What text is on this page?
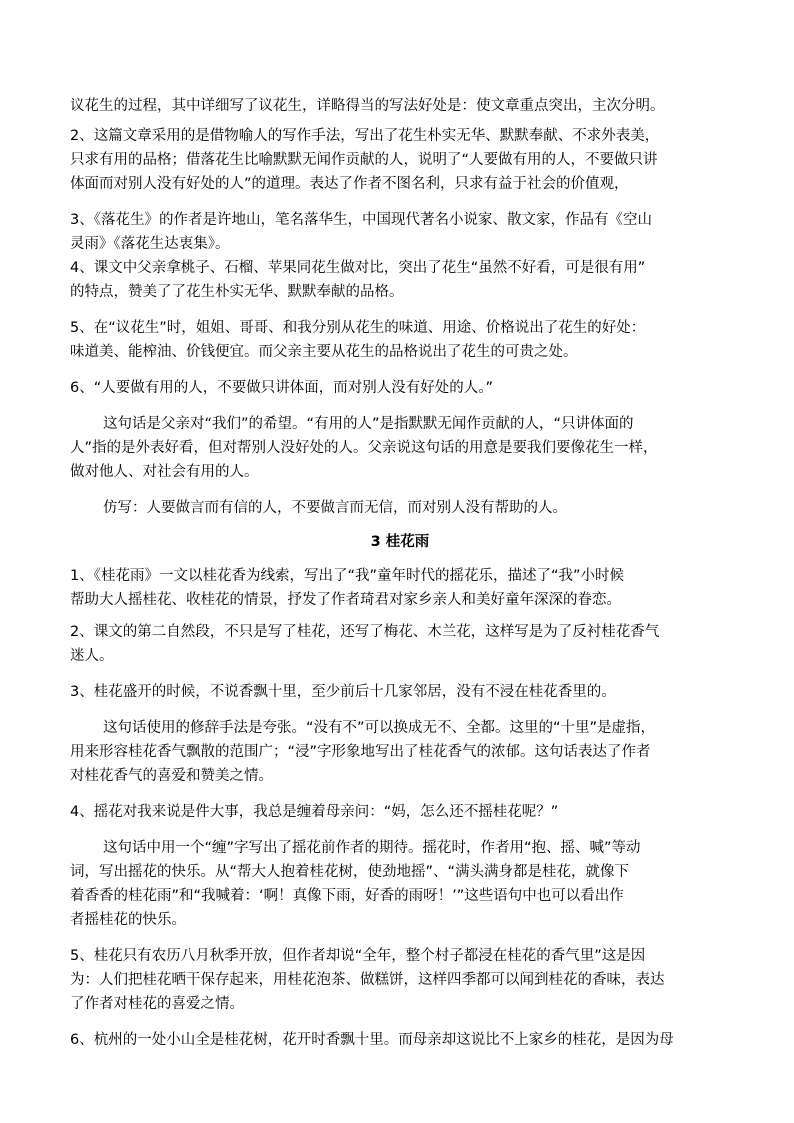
议花生的过程，其中详细写了议花生，详略得当的写法好处是：使文章重点突出，主次分明。
2、这篇文章采用的是借物喻人的写作手法，写出了花生朴实无华、默默奉献、不求外表美，
只求有用的品格；借落花生比喻默默无闻作贡献的人，说明了“人要做有用的人，不要做只讲
体面而对别人没有好处的人”的道理。表达了作者不图名利，只求有益于社会的价值观，
3、《落花生》的作者是许地山，笔名落华生，中国现代著名小说家、散文家，作品有《空山
灵雨》《落花生达衷集》。
4、课文中父亲拿桃子、石榴、苹果同花生做对比，突出了花生“虽然不好看，可是很有用”
的特点，赞美了了花生朴实无华、默默奉献的品格。
5、在“议花生”时，姐姐、哥哥、和我分别从花生的味道、用途、价格说出了花生的好处：
味道美、能榨油、价钱便宜。而父亲主要从花生的品格说出了花生的可贵之处。
6、“人要做有用的人，不要做只讲体面，而对别人没有好处的人。”
这句话是父亲对“我们”的希望。“有用的人”是指默默无闻作贡献的人，“只讲体面的
人”指的是外表好看，但对帮别人没好处的人。父亲说这句话的用意是要我们要像花生一样，
做对他人、对社会有用的人。
仿写：人要做言而有信的人，不要做言而无信，而对别人没有帮助的人。
3 桂花雨
1、《桂花雨》一文以桂花香为线索，写出了“我”童年时代的摇花乐，描述了“我”小时候
帮助大人摇桂花、收桂花的情景，抒发了作者琦君对家乡亲人和美好童年深深的眷恋。
2、课文的第二自然段，不只是写了桂花，还写了梅花、木兰花，这样写是为了反衬桂花香气
迷人。
3、桂花盛开的时候，不说香飘十里，至少前后十几家邻居，没有不浸在桂花香里的。
这句话使用的修辞手法是夸张。“没有不”可以换成无不、全都。这里的“十里”是虚指，
用来形容桂花香气飘散的范围广；“浸”字形象地写出了桂花香气的浓郁。这句话表达了作者
对桂花香气的喜爱和赞美之情。
4、摇花对我来说是件大事，我总是缠着母亲问：“妈，怎么还不摇桂花呢？”
这句话中用一个“缠”字写出了摇花前作者的期待。摇花时，作者用“抱、摇、喊”等动
词，写出摇花的快乐。从“帮大人抱着桂花树，使劲地摇”、“满头满身都是桂花，就像下
着香香的桂花雨”和“我喊着：‘啊！真像下雨，好香的雨呀！’”这些语句中也可以看出作
者摇桂花的快乐。
5、桂花只有农历八月秋季开放，但作者却说“全年，整个村子都浸在桂花的香气里”这是因
为：人们把桂花晒干保存起来，用桂花泡茶、做糕饼，这样四季都可以闻到桂花的香味，表达
了作者对桂花的喜爱之情。
6、杭州的一处小山全是桂花树，花开时香飘十里。而母亲却这说比不上家乡的桂花，是因为母
